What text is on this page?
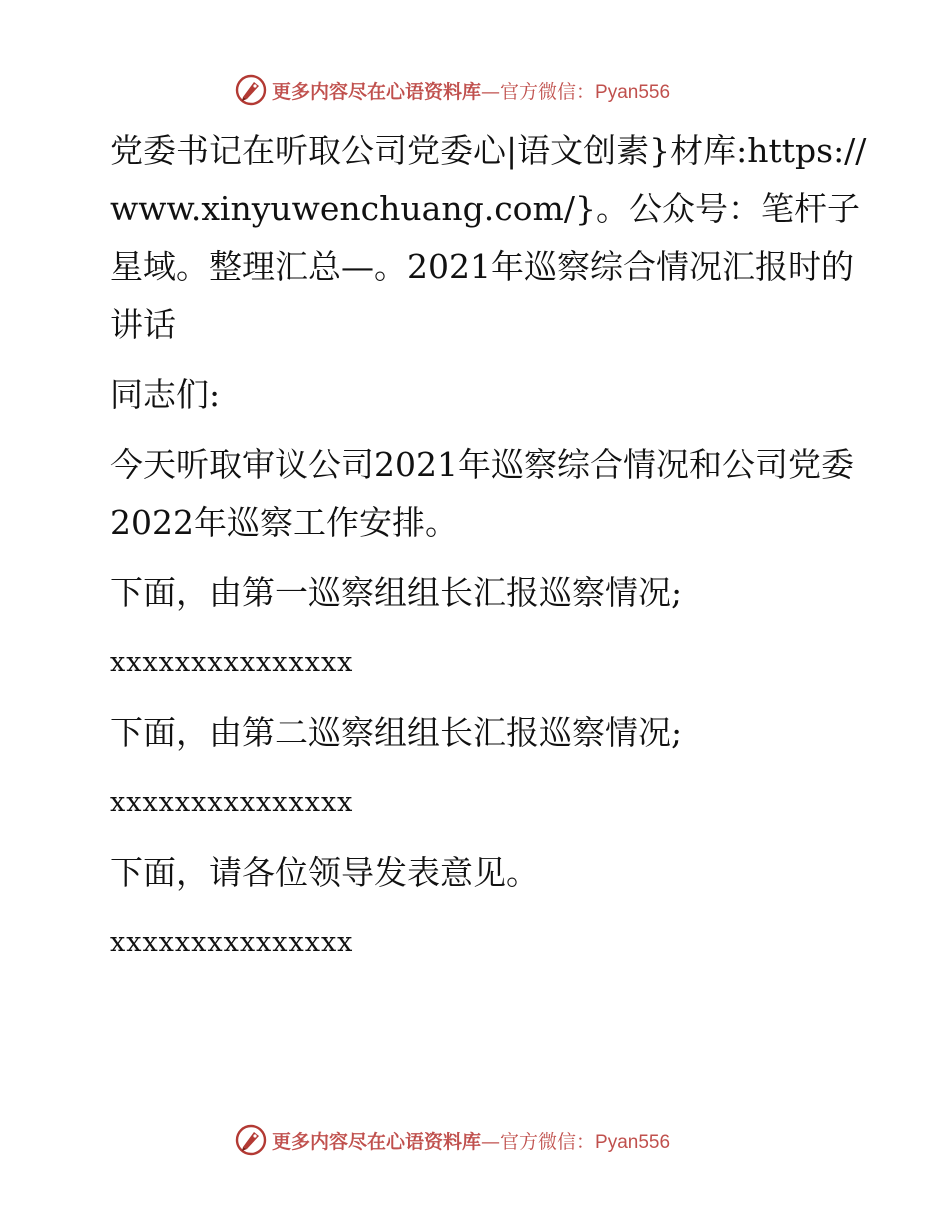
更多内容尽在心语资料库—官方微信：Pyan556

党委书记在听取公司党委心|语文创素}材库:https://www.xinyuwenchuang.com/}。公众号：笔杆子星域。整理汇总—。2021年巡察综合情况汇报时的讲话

同志们:

今天听取审议公司2021年巡察综合情况和公司党委2022年巡察工作安排。

下面，由第一巡察组组长汇报巡察情况;

xxxxxxxxxxxxxxx

下面，由第二巡察组组长汇报巡察情况;

xxxxxxxxxxxxxxx

下面，请各位领导发表意见。

xxxxxxxxxxxxxxx

更多内容尽在心语资料库—官方微信：Pyan556
